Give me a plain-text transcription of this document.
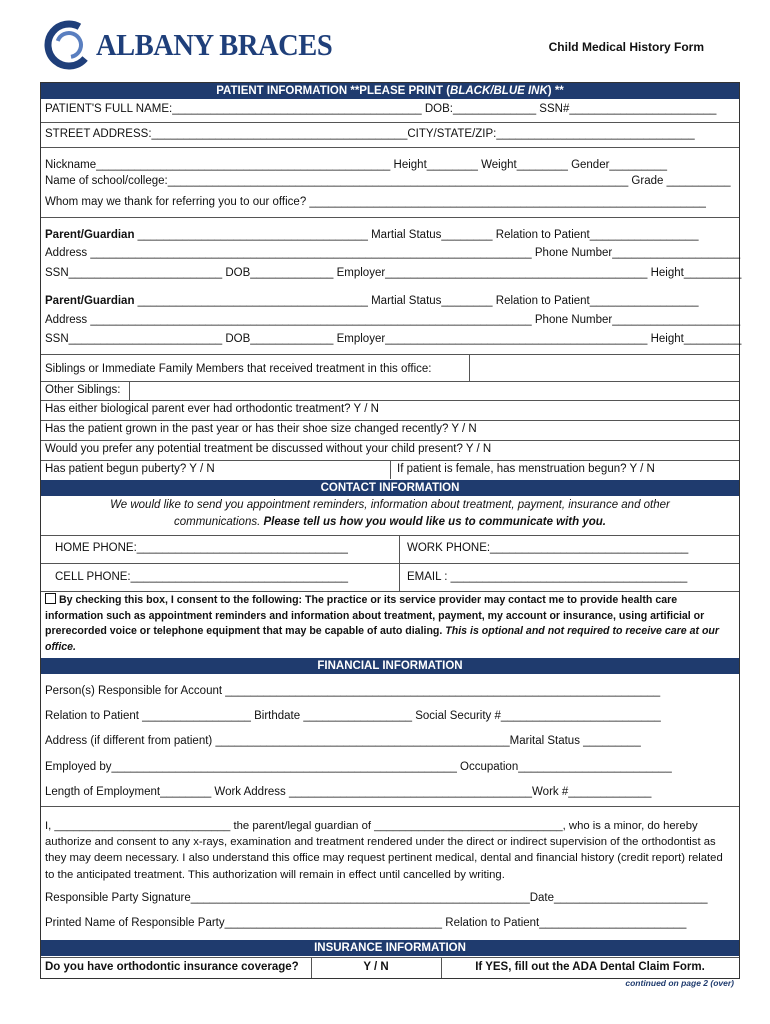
ALBANY BRACES	Child Medical History Form
PATIENT INFORMATION **PLEASE PRINT (BLACK/BLUE INK) **
PATIENT'S FULL NAME:_______________________________________ DOB:_____________ SSN#_______________________
STREET ADDRESS:________________________________________CITY/STATE/ZIP:_______________________________
Nickname______________________________________________ Height________ Weight________ Gender_________
Name of school/college:________________________________________________________________________ Grade __________
Whom may we thank for referring you to our office? ______________________________________________________________
Parent/Guardian ____________________________________ Martial Status________ Relation to Patient_________________
Address _____________________________________________________________________ Phone Number____________________
SSN________________________ DOB_____________ Employer_________________________________________ Height_________
Parent/Guardian ____________________________________ Martial Status________ Relation to Patient_________________
Address _____________________________________________________________________ Phone Number____________________
SSN________________________ DOB_____________ Employer_________________________________________ Height_________
Siblings or Immediate Family Members that received treatment in this office:
Other Siblings:
Has either biological parent ever had orthodontic treatment? Y / N
Has the patient grown in the past year or has their shoe size changed recently? Y / N
Would you prefer any potential treatment be discussed without your child present? Y / N
Has patient begun puberty? Y / N	If patient is female, has menstruation begun? Y / N
CONTACT INFORMATION
We would like to send you appointment reminders, information about treatment, payment, insurance and other
communications. Please tell us how you would like us to communicate with you.
HOME PHONE:_________________________________	WORK PHONE:_______________________________
CELL PHONE:__________________________________	EMAIL : _____________________________________
By checking this box, I consent to the following: The practice or its service provider may contact me to provide health care information such as appointment reminders and information about treatment, payment, my account or insurance, using artificial or prerecorded voice or telephone equipment that may be capable of auto dialing. This is optional and not required to receive care at our office.
FINANCIAL INFORMATION
Person(s) Responsible for Account ____________________________________________________________________
Relation to Patient _________________ Birthdate _________________ Social Security #_________________________
Address (if different from patient) ______________________________________________Marital Status _________
Employed by______________________________________________________ Occupation________________________
Length of Employment________ Work Address ______________________________________Work #_____________
I, ____________________________ the parent/legal guardian of ______________________________, who is a minor, do hereby authorize and consent to any x-rays, examination and treatment rendered under the direct or indirect supervision of the orthodontist as they may deem necessary. I also understand this office may request pertinent medical, dental and financial history (credit report) related to the anticipated treatment. This authorization will remain in effect until cancelled by writing.
Responsible Party Signature_____________________________________________________Date________________________
Printed Name of Responsible Party__________________________________ Relation to Patient_______________________
INSURANCE INFORMATION
Do you have orthodontic insurance coverage?	Y / N	If YES, fill out the ADA Dental Claim Form.
continued on page 2 (over)
